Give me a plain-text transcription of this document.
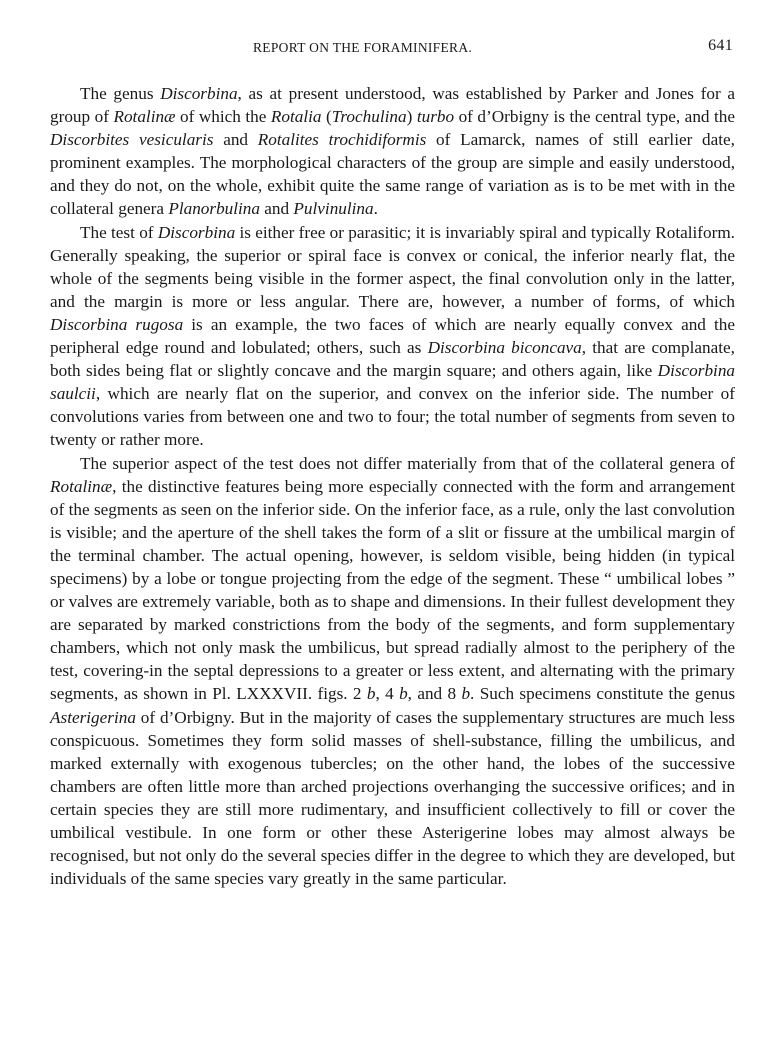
REPORT ON THE FORAMINIFERA.	641

The genus Discorbina, as at present understood, was established by Parker and Jones for a group of Rotalinæ of which the Rotalia (Trochulina) turbo of d’Orbigny is the central type, and the Discorbites vesicularis and Rotalites trochidiformis of Lamarck, names of still earlier date, prominent examples. The morphological characters of the group are simple and easily understood, and they do not, on the whole, exhibit quite the same range of variation as is to be met with in the collateral genera Planorbulina and Pulvinulina.

The test of Discorbina is either free or parasitic; it is invariably spiral and typically Rotaliform. Generally speaking, the superior or spiral face is convex or conical, the inferior nearly flat, the whole of the segments being visible in the former aspect, the final convolution only in the latter, and the margin is more or less angular. There are, however, a number of forms, of which Discorbina rugosa is an example, the two faces of which are nearly equally convex and the peripheral edge round and lobulated; others, such as Discorbina biconcava, that are complanate, both sides being flat or slightly concave and the margin square; and others again, like Discorbina saulcii, which are nearly flat on the superior, and convex on the inferior side. The number of convolutions varies from between one and two to four; the total number of segments from seven to twenty or rather more.

The superior aspect of the test does not differ materially from that of the collateral genera of Rotalinæ, the distinctive features being more especially connected with the form and arrangement of the segments as seen on the inferior side. On the inferior face, as a rule, only the last convolution is visible; and the aperture of the shell takes the form of a slit or fissure at the umbilical margin of the terminal chamber. The actual opening, however, is seldom visible, being hidden (in typical specimens) by a lobe or tongue projecting from the edge of the segment. These “ umbilical lobes ” or valves are extremely variable, both as to shape and dimensions. In their fullest development they are separated by marked constrictions from the body of the segments, and form supplementary chambers, which not only mask the umbilicus, but spread radially almost to the periphery of the test, covering-in the septal depressions to a greater or less extent, and alternating with the primary segments, as shown in Pl. LXXXVII. figs. 2 b, 4 b, and 8 b. Such specimens constitute the genus Asterigerina of d’Orbigny. But in the majority of cases the supplementary structures are much less conspicuous. Sometimes they form solid masses of shell-substance, filling the umbilicus, and marked externally with exogenous tubercles; on the other hand, the lobes of the successive chambers are often little more than arched projections overhanging the successive orifices; and in certain species they are still more rudimentary, and insufficient collectively to fill or cover the umbilical vestibule. In one form or other these Asterigerine lobes may almost always be recognised, but not only do the several species differ in the degree to which they are developed, but individuals of the same species vary greatly in the same particular.
